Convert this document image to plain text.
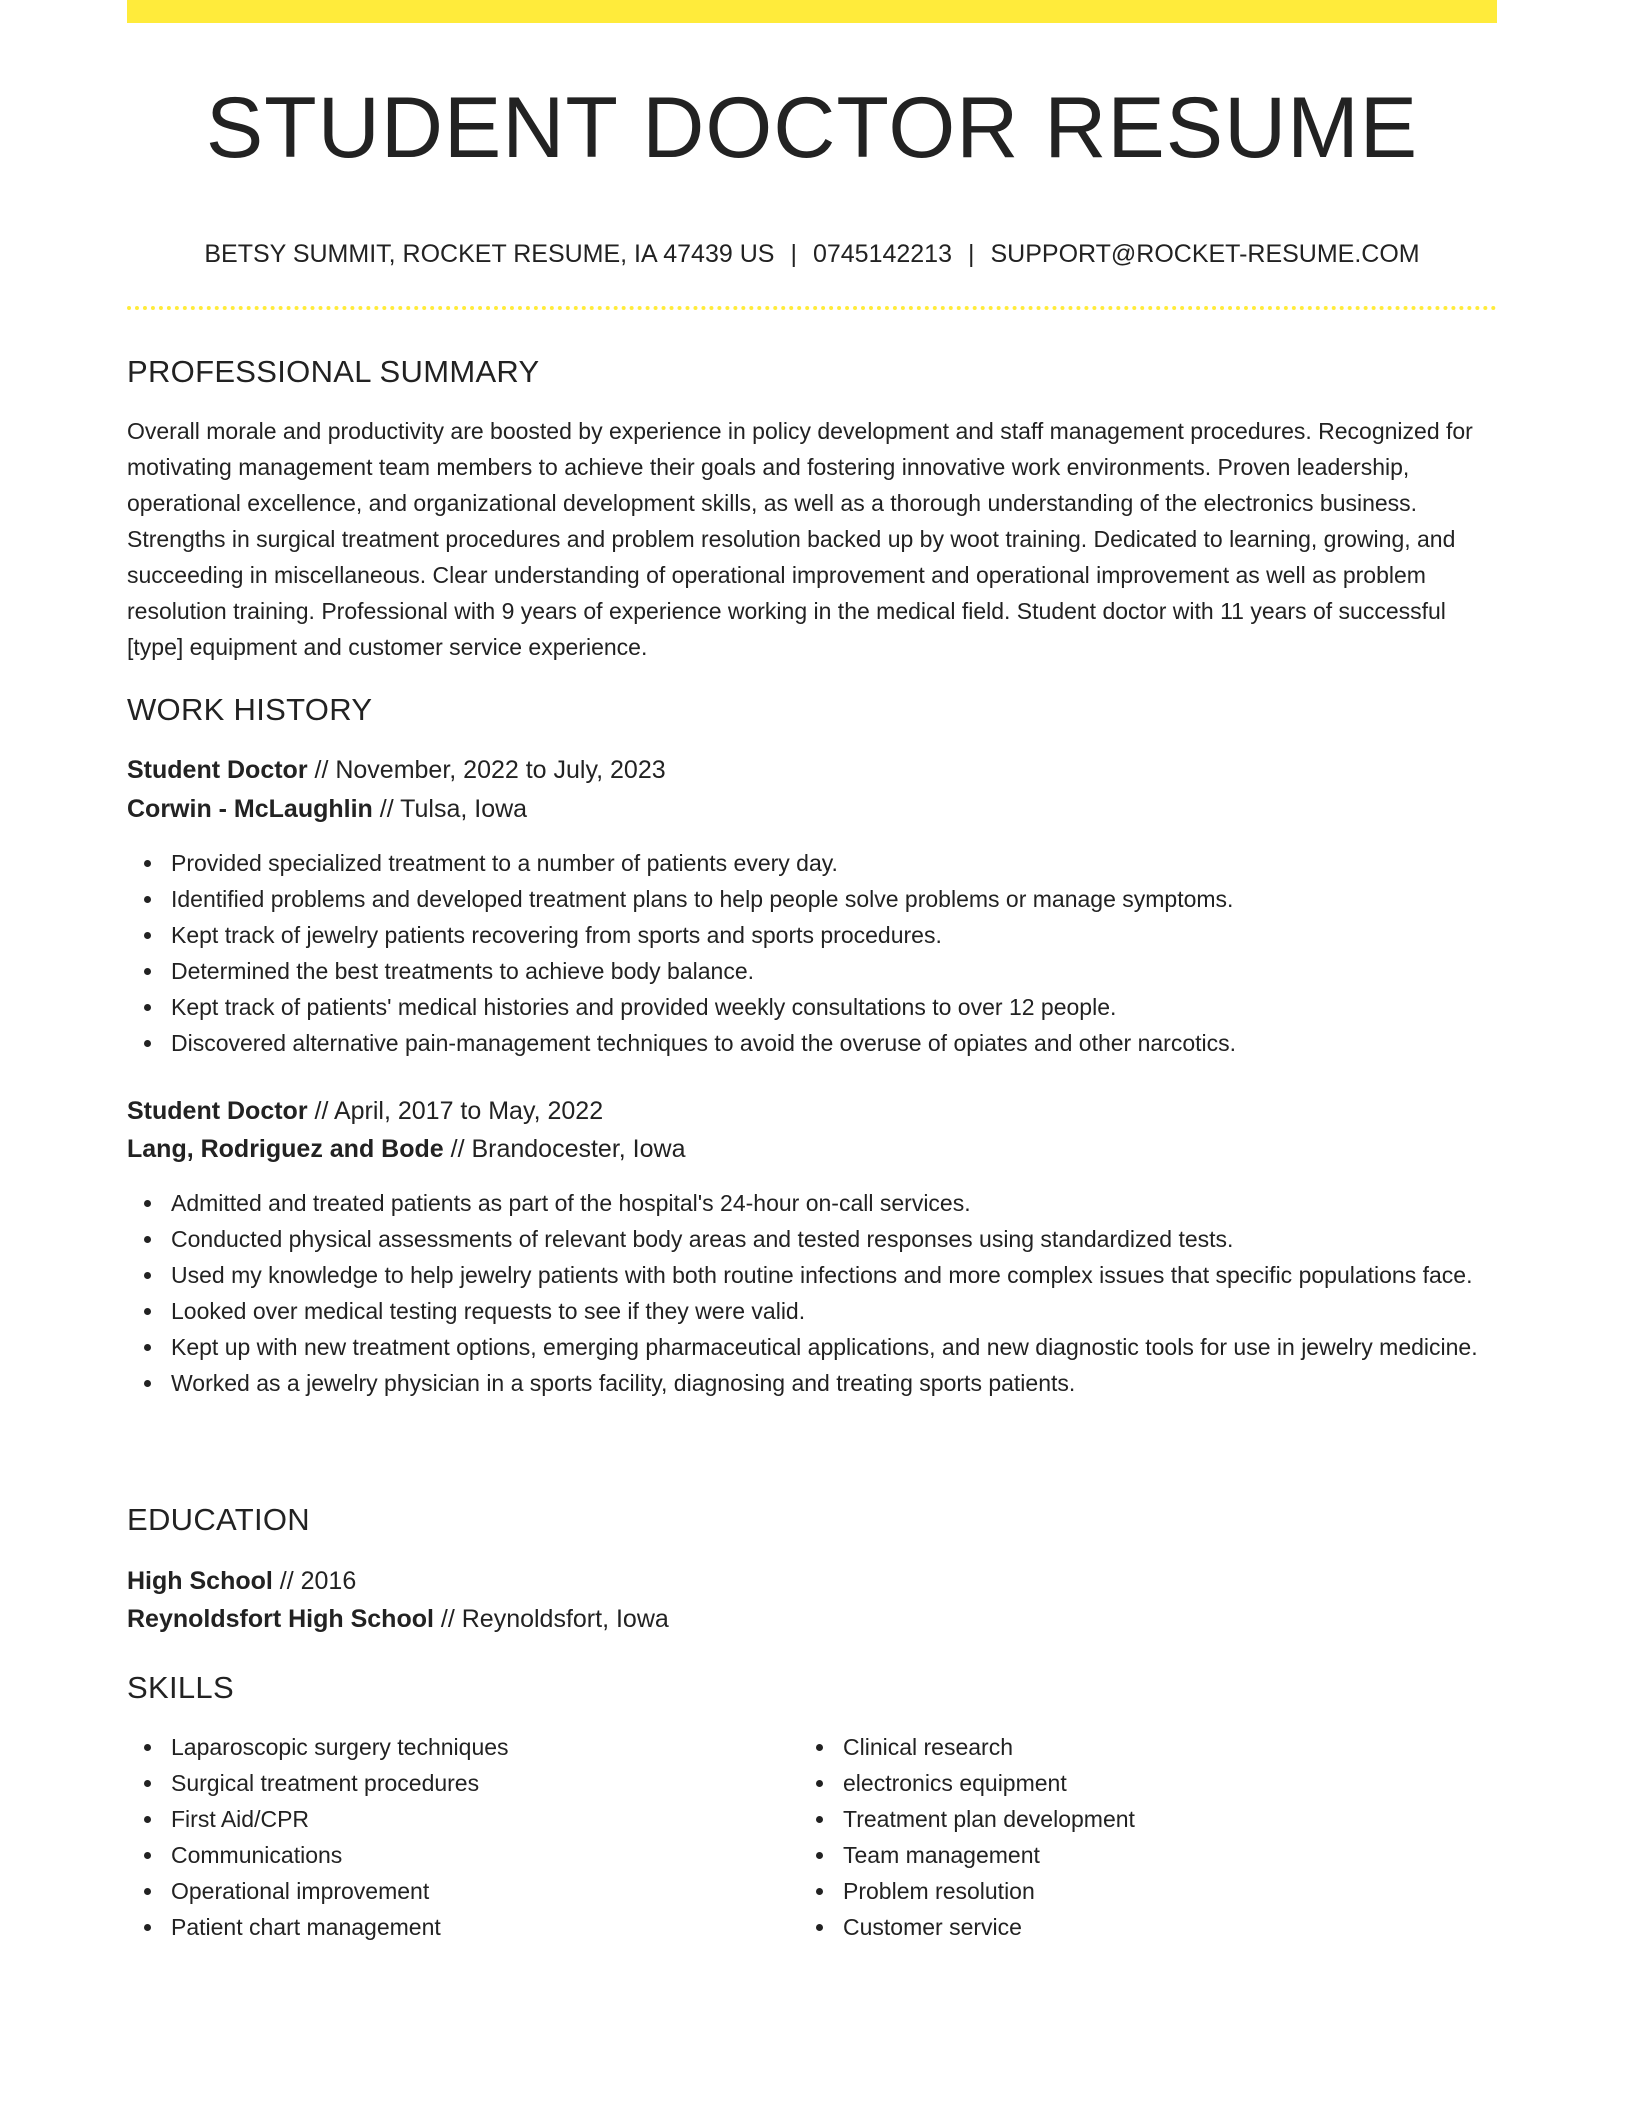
STUDENT DOCTOR RESUME
BETSY SUMMIT, ROCKET RESUME, IA 47439 US | 0745142213 | SUPPORT@ROCKET-RESUME.COM
PROFESSIONAL SUMMARY

Overall morale and productivity are boosted by experience in policy development and staff management procedures. Recognized for motivating management team members to achieve their goals and fostering innovative work environments. Proven leadership, operational excellence, and organizational development skills, as well as a thorough understanding of the electronics business. Strengths in surgical treatment procedures and problem resolution backed up by woot training. Dedicated to learning, growing, and succeeding in miscellaneous. Clear understanding of operational improvement and operational improvement as well as problem resolution training. Professional with 9 years of experience working in the medical field. Student doctor with 11 years of successful [type] equipment and customer service experience.

WORK HISTORY
Student Doctor // November, 2022 to July, 2023
Corwin - McLaughlin // Tulsa, Iowa
Provided specialized treatment to a number of patients every day.
Identified problems and developed treatment plans to help people solve problems or manage symptoms.
Kept track of jewelry patients recovering from sports and sports procedures.
Determined the best treatments to achieve body balance.
Kept track of patients' medical histories and provided weekly consultations to over 12 people.
Discovered alternative pain-management techniques to avoid the overuse of opiates and other narcotics.
Student Doctor // April, 2017 to May, 2022
Lang, Rodriguez and Bode // Brandocester, Iowa
Admitted and treated patients as part of the hospital's 24-hour on-call services.
Conducted physical assessments of relevant body areas and tested responses using standardized tests.
Used my knowledge to help jewelry patients with both routine infections and more complex issues that specific populations face.
Looked over medical testing requests to see if they were valid.
Kept up with new treatment options, emerging pharmaceutical applications, and new diagnostic tools for use in jewelry medicine.
Worked as a jewelry physician in a sports facility, diagnosing and treating sports patients.
EDUCATION
High School // 2016
Reynoldsfort High School // Reynoldsfort, Iowa
SKILLS
Laparoscopic surgery techniques
Surgical treatment procedures
First Aid/CPR
Communications
Operational improvement
Patient chart management
Clinical research
electronics equipment
Treatment plan development
Team management
Problem resolution
Customer service
